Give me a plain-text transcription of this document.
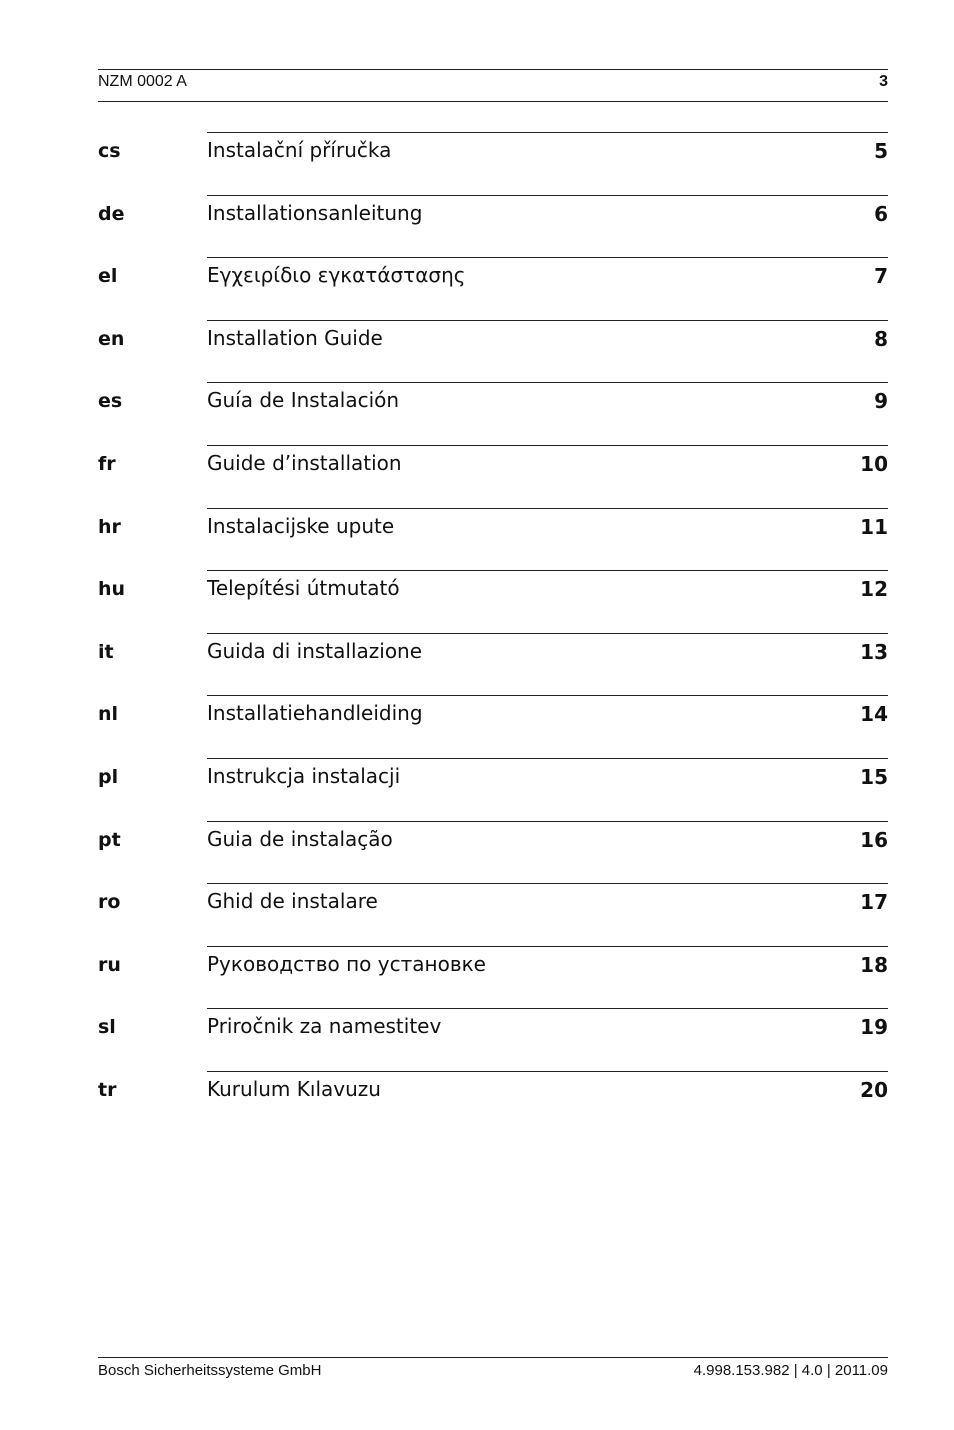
NZM 0002 A	3
cs	Instalační příručka	5
de	Installationsanleitung	6
el	Εγχειρίδιο εγκατάστασης	7
en	Installation Guide	8
es	Guía de Instalación	9
fr	Guide d’installation	10
hr	Instalacijske upute	11
hu	Telepítési útmutató	12
it	Guida di installazione	13
nl	Installatiehandleiding	14
pl	Instrukcja instalacji	15
pt	Guia de instalação	16
ro	Ghid de instalare	17
ru	Руководство по установке	18
sl	Priročnik za namestitev	19
tr	Kurulum Kılavuzu	20
Bosch Sicherheitssysteme GmbH	4.998.153.982 | 4.0 | 2011.09
